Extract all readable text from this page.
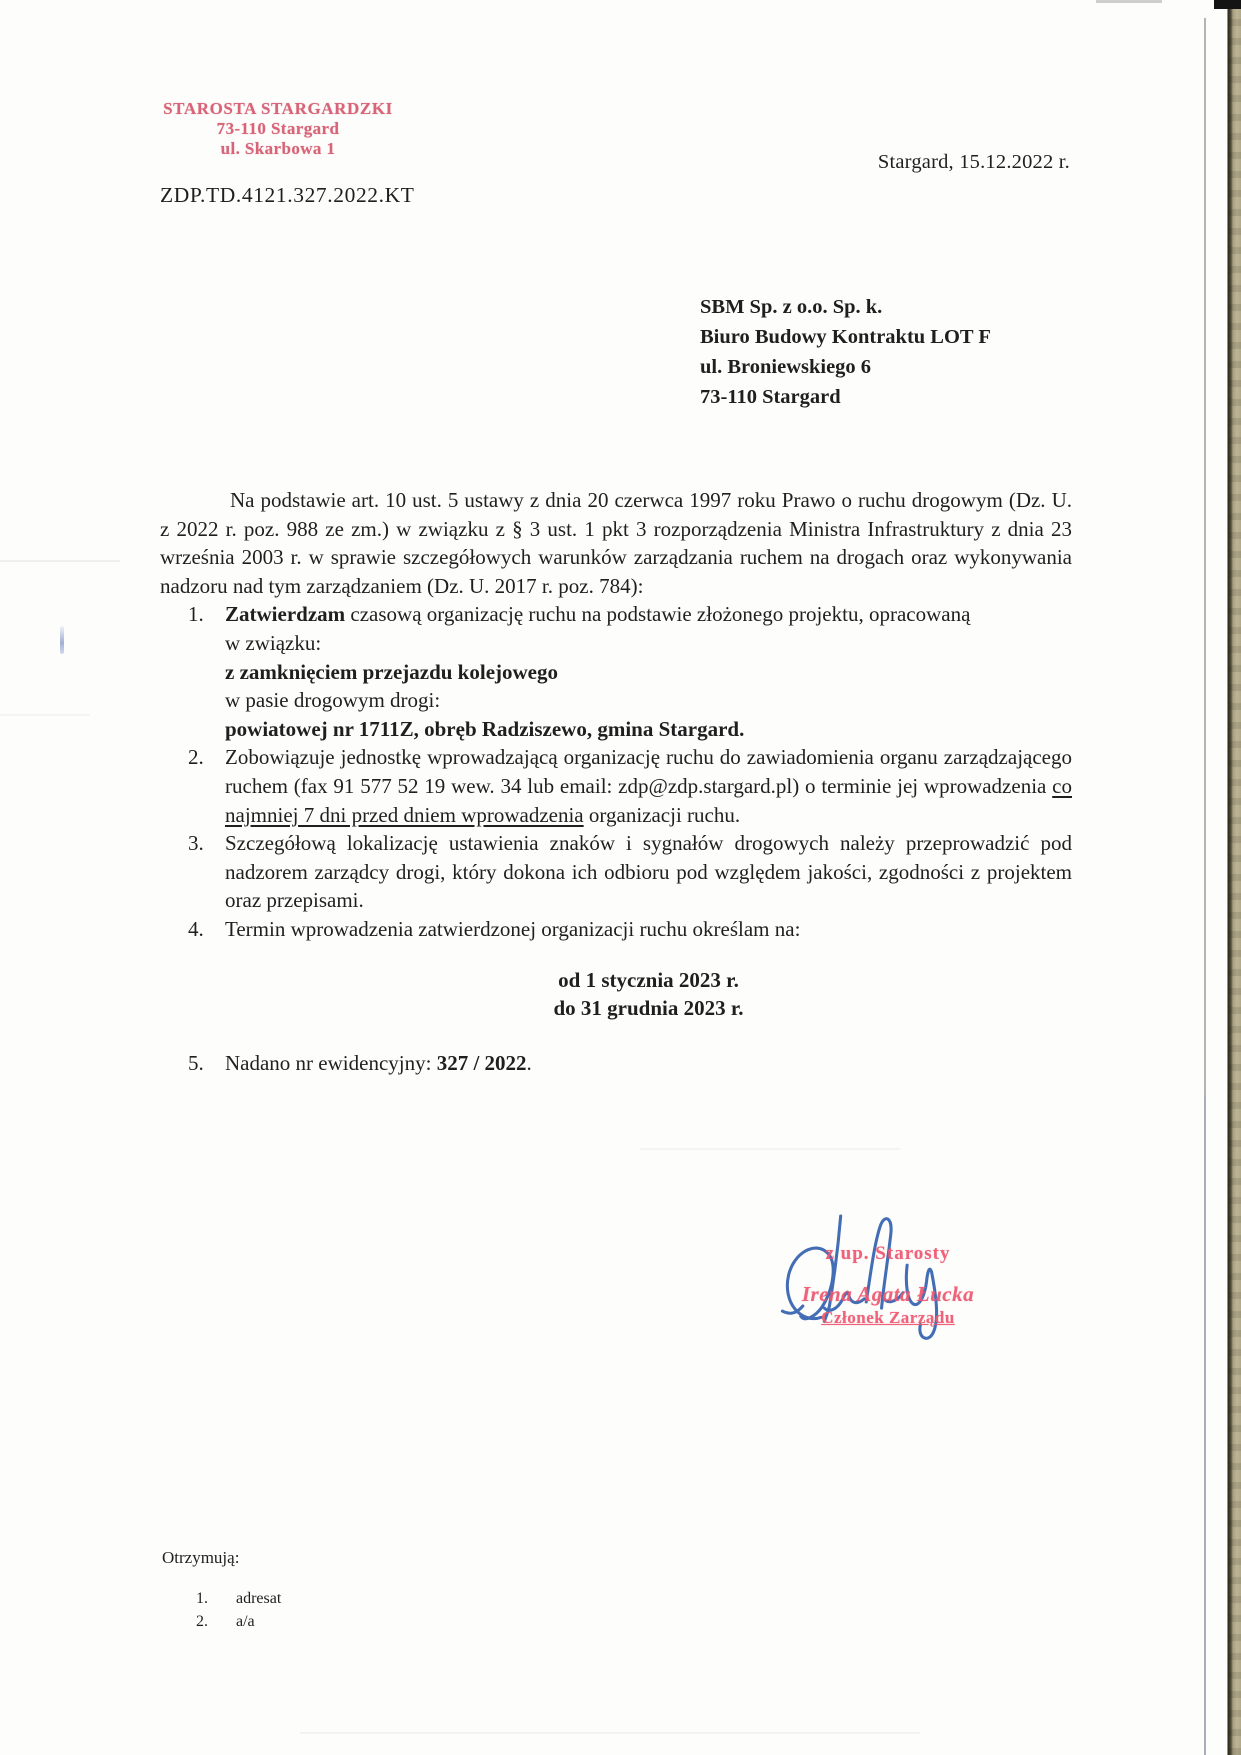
STAROSTA STARGARDZKI
73-110 Stargard
ul. Skarbowa 1
Stargard, 15.12.2022 r.
ZDP.TD.4121.327.2022.KT
SBM Sp. z o.o. Sp. k.
Biuro Budowy Kontraktu LOT F
ul. Broniewskiego 6
73-110 Stargard
Na podstawie art. 10 ust. 5 ustawy z dnia 20 czerwca 1997 roku Prawo o ruchu drogowym (Dz. U. z 2022 r. poz. 988 ze zm.) w związku z § 3 ust. 1 pkt 3 rozporządzenia Ministra Infrastruktury z dnia 23 września 2003 r. w sprawie szczegółowych warunków zarządzania ruchem na drogach oraz wykonywania nadzoru nad tym zarządzaniem (Dz. U. 2017 r. poz. 784):
1. Zatwierdzam czasową organizację ruchu na podstawie złożonego projektu, opracowaną
w związku:
z zamknięciem przejazdu kolejowego
w pasie drogowym drogi:
powiatowej nr 1711Z, obręb Radziszewo, gmina Stargard.
2. Zobowiązuje jednostkę wprowadzającą organizację ruchu do zawiadomienia organu zarządzającego ruchem (fax 91 577 52 19 wew. 34 lub email: zdp@zdp.stargard.pl) o terminie jej wprowadzenia co najmniej 7 dni przed dniem wprowadzenia organizacji ruchu.
3. Szczegółową lokalizację ustawienia znaków i sygnałów drogowych należy przeprowadzić pod nadzorem zarządcy drogi, który dokona ich odbioru pod względem jakości, zgodności z projektem oraz przepisami.
4. Termin wprowadzenia zatwierdzonej organizacji ruchu określam na:
od 1 stycznia 2023 r.
do 31 grudnia 2023 r.
5. Nadano nr ewidencyjny: 327 / 2022.
z up. Starosty
Irena Agata Łucka
Członek Zarządu
Otrzymują:
1.	adresat
2.	a/a
